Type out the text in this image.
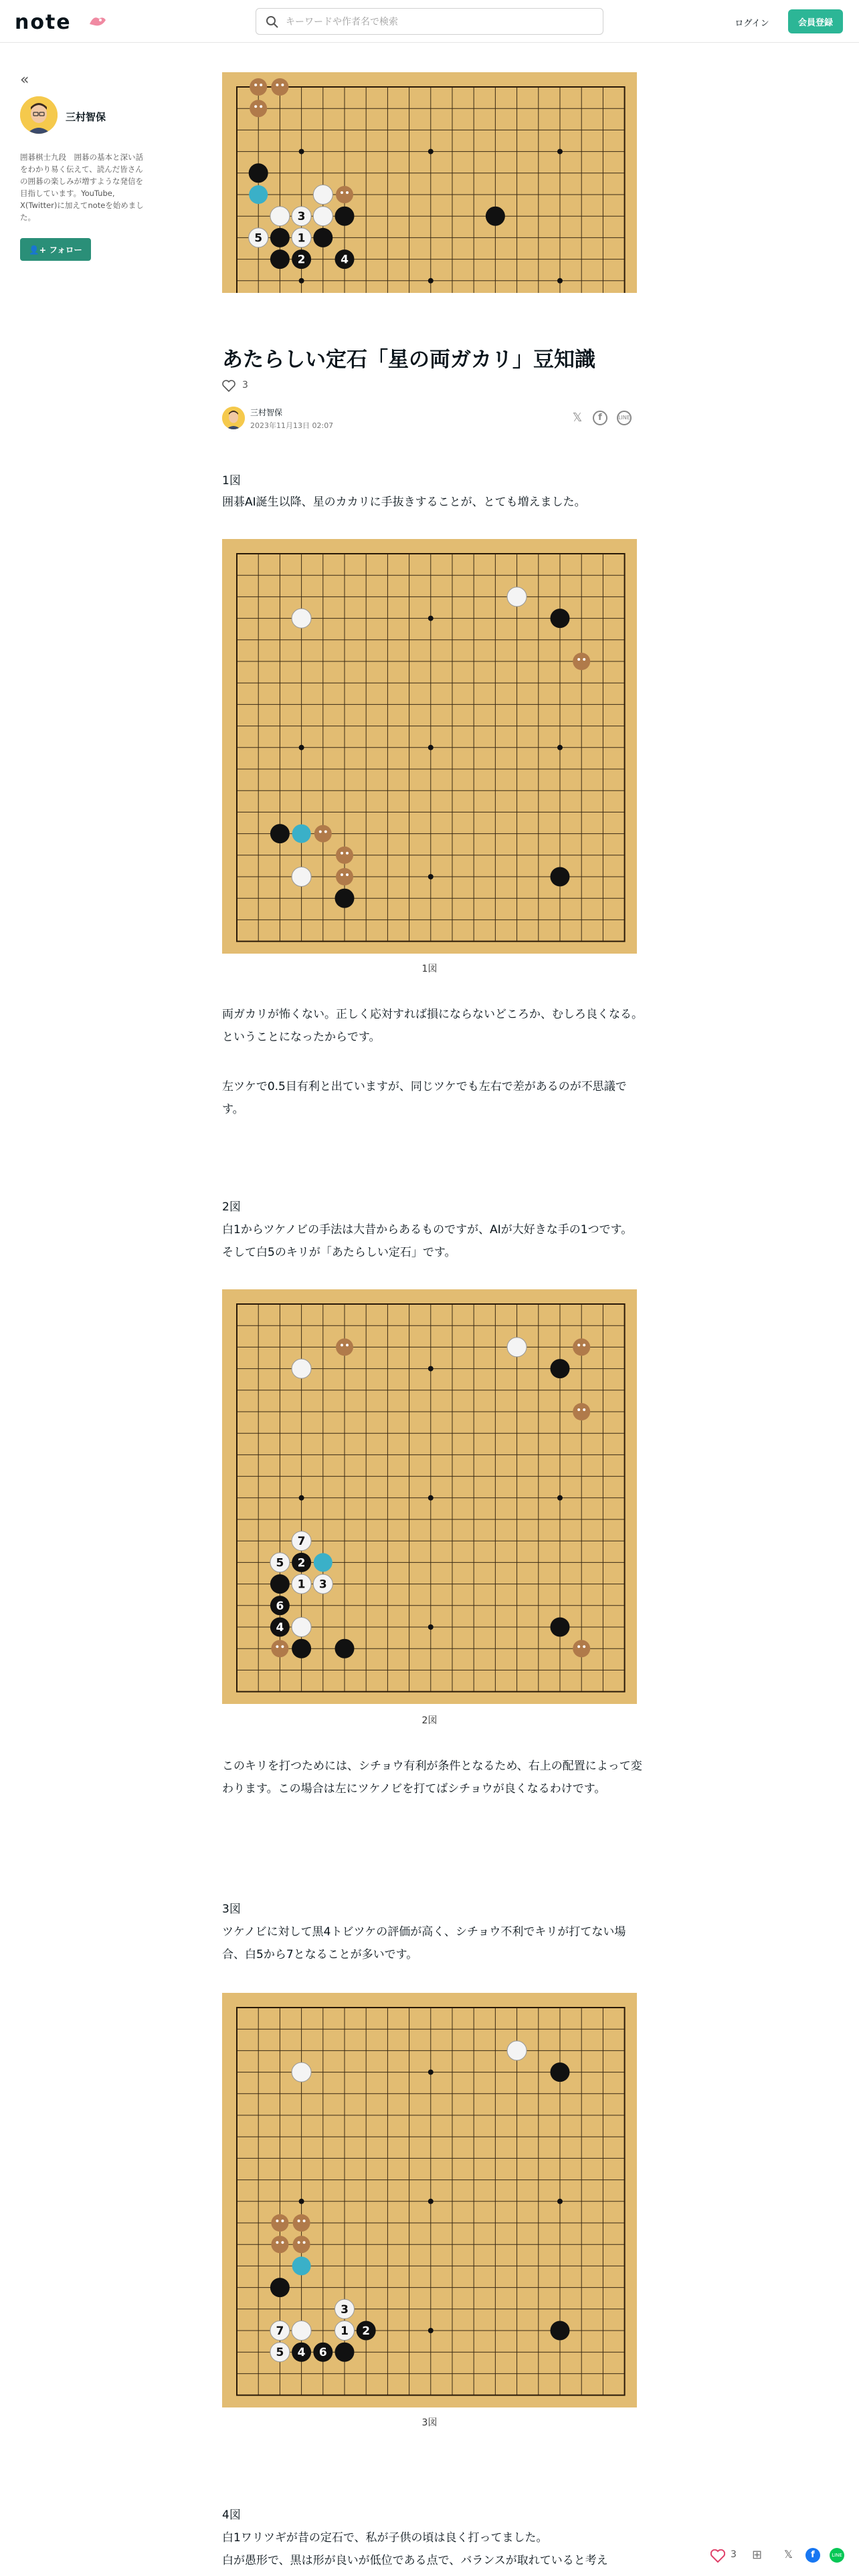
note
キーワードや作者名で検索	ログイン	会員登録
«
三村智保
囲碁棋士九段　囲碁の基本と深い話をわかり易く伝えて、読んだ皆さんの囲碁の楽しみが増すような発信を目指しています。YouTube, X(Twitter)に加えてnoteを始めました。
👤+ フォロー
3
5	1
2	4
あたらしい定石「星の両ガカリ」豆知識
3
三村智保
2023年11月13日 02:07
𝕏	f	LINE
1図
囲碁AI誕生以降、星のカカリに手抜きすることが、とても増えました。
1図
両ガカリが怖くない。正しく応対すれば損にならないどころか、むしろ良くなる。ということになったからです。
左ツケで0.5目有利と出ていますが、同じツケでも左右で差があるのが不思議です。
2図
白1からツケノビの手法は大昔からあるものですが、AIが大好きな手の1つです。そして白5のキリが「あたらしい定石」です。
7
5 2
1 3
6
4
2図
このキリを打つためには、シチョウ有利が条件となるため、右上の配置によって変わります。この場合は左にツケノビを打てばシチョウが良くなるわけです。
3図
ツケノビに対して黒4トビツケの評価が高く、シチョウ不利でキリが打てない場合、白5から7となることが多いです。
3
7	1 2
5 4 6
3図
4図
白1ワリツギが昔の定石で、私が子供の頃は良く打ってました。
白が愚形で、黒は形が良いが低位である点で、バランスが取れていると考え	3 ⊞ 𝕏	f	LINE
